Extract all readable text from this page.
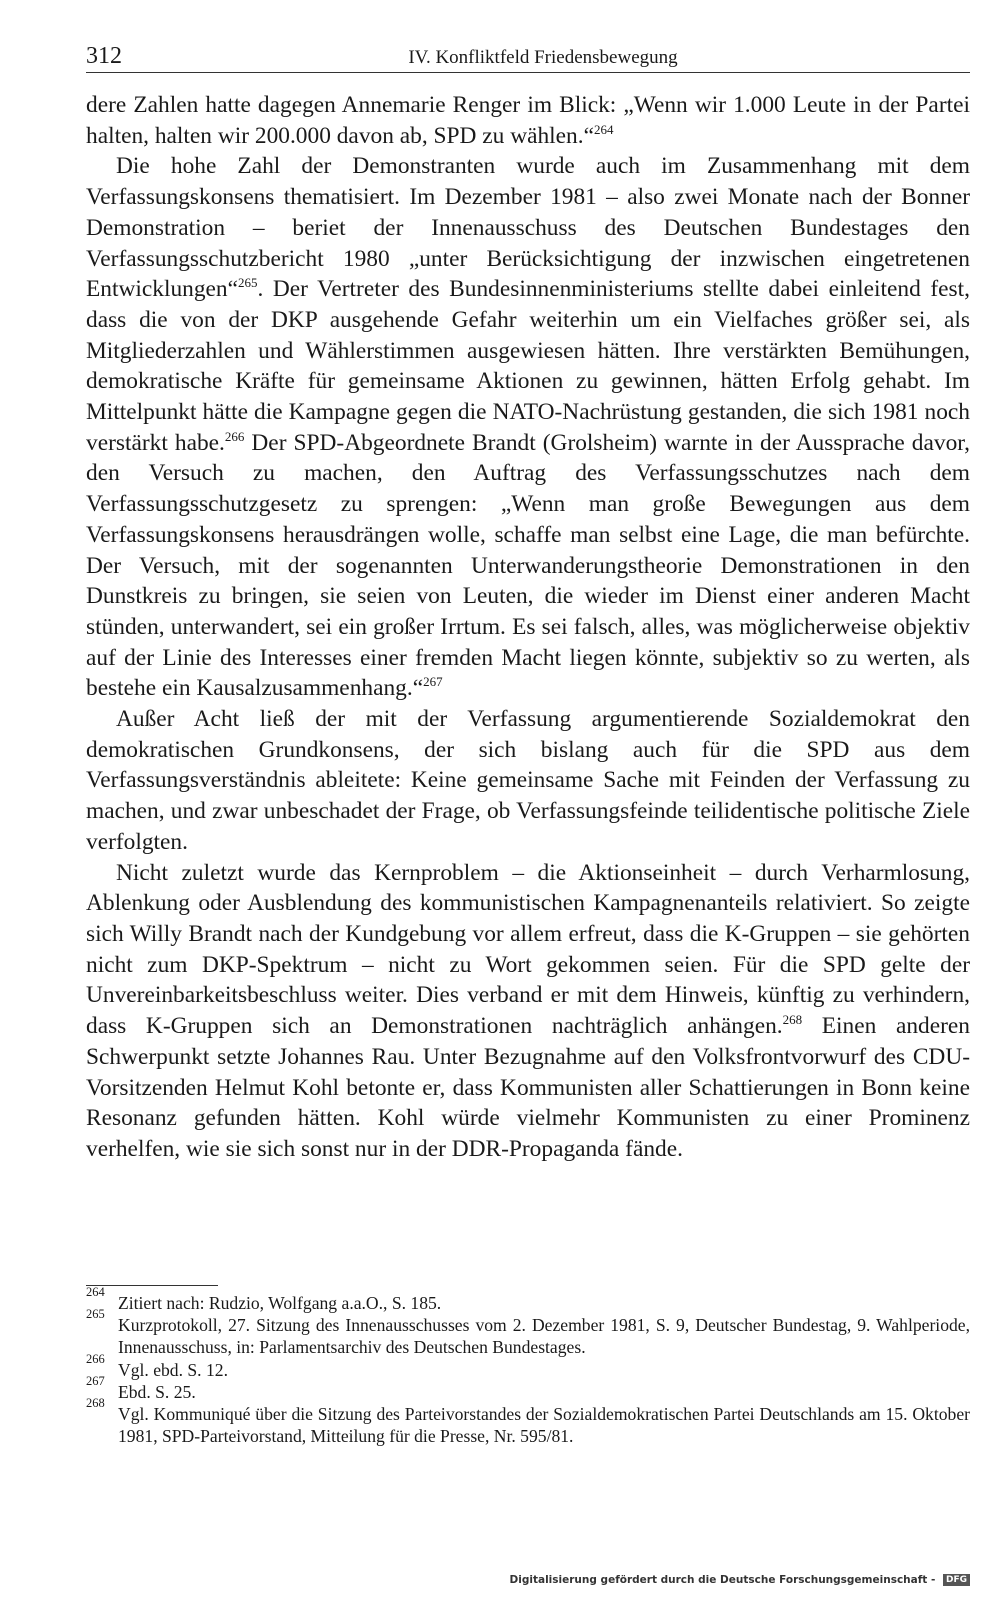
312	IV. Konfliktfeld Friedensbewegung

dere Zahlen hatte dagegen Annemarie Renger im Blick: „Wenn wir 1.000 Leute in der Partei halten, halten wir 200.000 davon ab, SPD zu wählen.“$^{264}$

Die hohe Zahl der Demonstranten wurde auch im Zusammenhang mit dem Verfassungskonsens thematisiert. Im Dezember 1981 – also zwei Monate nach der Bonner Demonstration – beriet der Innenausschuss des Deutschen Bundestages den Verfassungsschutzbericht 1980 „unter Berücksichtigung der inzwischen eingetretenen Entwicklungen“$^{265}$. Der Vertreter des Bundesinnenministeriums stellte dabei einleitend fest, dass die von der DKP ausgehende Gefahr weiterhin um ein Vielfaches größer sei, als Mitgliederzahlen und Wählerstimmen ausgewiesen hätten. Ihre verstärkten Bemühungen, demokratische Kräfte für gemeinsame Aktionen zu gewinnen, hätten Erfolg gehabt. Im Mittelpunkt hätte die Kampagne gegen die NATO-Nachrüstung gestanden, die sich 1981 noch verstärkt habe.$^{266}$ Der SPD-Abgeordnete Brandt (Grolsheim) warnte in der Aussprache davor, den Versuch zu machen, den Auftrag des Verfassungsschutzes nach dem Verfassungsschutzgesetz zu sprengen: „Wenn man große Bewegungen aus dem Verfassungskonsens herausdrängen wolle, schaffe man selbst eine Lage, die man befürchte. Der Versuch, mit der sogenannten Unterwanderungstheorie Demonstrationen in den Dunstkreis zu bringen, sie seien von Leuten, die wieder im Dienst einer anderen Macht stünden, unterwandert, sei ein großer Irrtum. Es sei falsch, alles, was möglicherweise objektiv auf der Linie des Interesses einer fremden Macht liegen könnte, subjektiv so zu werten, als bestehe ein Kausalzusammenhang.“$^{267}$

Außer Acht ließ der mit der Verfassung argumentierende Sozialdemokrat den demokratischen Grundkonsens, der sich bislang auch für die SPD aus dem Verfassungsverständnis ableitete: Keine gemeinsame Sache mit Feinden der Verfassung zu machen, und zwar unbeschadet der Frage, ob Verfassungsfeinde teilidentische politische Ziele verfolgten.

Nicht zuletzt wurde das Kernproblem – die Aktionseinheit – durch Verharmlosung, Ablenkung oder Ausblendung des kommunistischen Kampagnenanteils relativiert. So zeigte sich Willy Brandt nach der Kundgebung vor allem erfreut, dass die K-Gruppen – sie gehörten nicht zum DKP-Spektrum – nicht zu Wort gekommen seien. Für die SPD gelte der Unvereinbarkeitsbeschluss weiter. Dies verband er mit dem Hinweis, künftig zu verhindern, dass K-Gruppen sich an Demonstrationen nachträglich anhängen.$^{268}$ Einen anderen Schwerpunkt setzte Johannes Rau. Unter Bezugnahme auf den Volksfrontvorwurf des CDU-Vorsitzenden Helmut Kohl betonte er, dass Kommunisten aller Schattierungen in Bonn keine Resonanz gefunden hätten. Kohl würde vielmehr Kommunisten zu einer Prominenz verhelfen, wie sie sich sonst nur in der DDR-Propaganda fände.

264
Zitiert nach: Rudzio, Wolfgang a.a.O., S. 185.

265
Kurzprotokoll, 27. Sitzung des Innenausschusses vom 2. Dezember 1981, S. 9, Deutscher Bundestag, 9. Wahlperiode, Innenausschuss, in: Parlamentsarchiv des Deutschen Bundestages.

266
Vgl. ebd. S. 12.

267
Ebd. S. 25.

268
Vgl. Kommuniqué über die Sitzung des Parteivorstandes der Sozialdemokratischen Partei Deutschlands am 15. Oktober 1981, SPD-Parteivorstand, Mitteilung für die Presse, Nr. 595/81.

Digitalisierung gefördert durch die Deutsche Forschungsgemeinschaft - DFG
